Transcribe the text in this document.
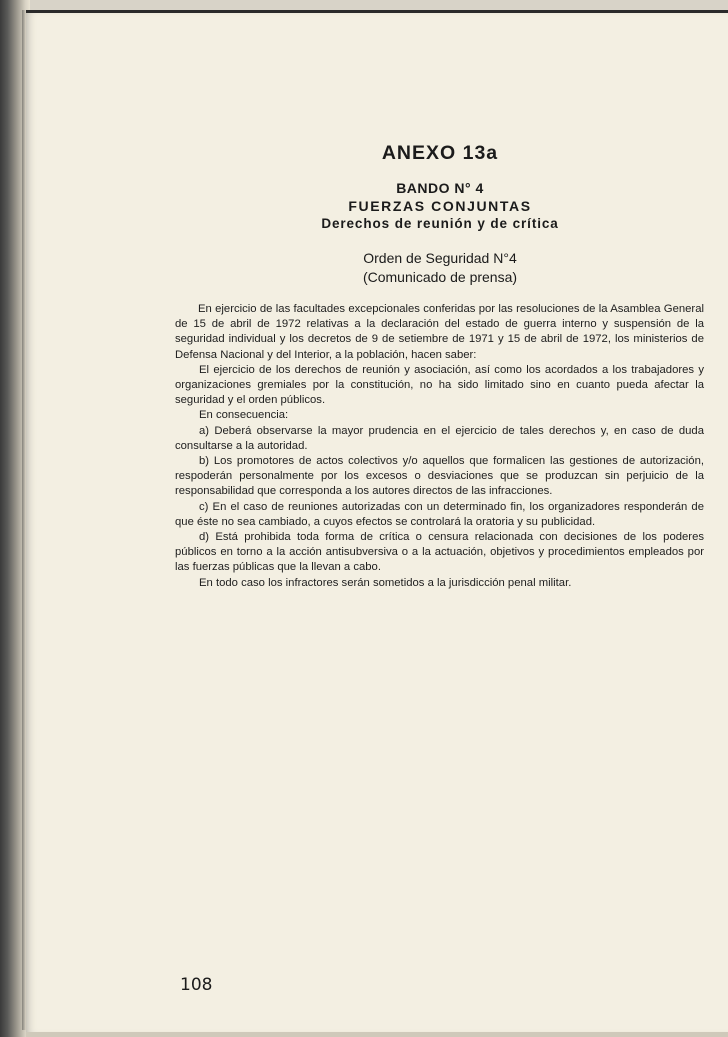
ANEXO 13a
BANDO N° 4
FUERZAS CONJUNTAS
Derechos de reunión y de crítica
Orden de Seguridad N°4
(Comunicado de prensa)

En ejercicio de las facultades excepcionales conferidas por las resoluciones de la Asamblea General de 15 de abril de 1972 relativas a la declaración del estado de guerra interno y suspensión de la seguridad individual y los decretos de 9 de setiembre de 1971 y 15 de abril de 1972, los ministerios de Defensa Nacional y del Interior, a la población, hacen saber:

El ejercicio de los derechos de reunión y asociación, así como los acordados a los trabajadores y organizaciones gremiales por la constitución, no ha sido limitado sino en cuanto pueda afectar la seguridad y el orden públicos.

En consecuencia:

a) Deberá observarse la mayor prudencia en el ejercicio de tales derechos y, en caso de duda consultarse a la autoridad.

b) Los promotores de actos colectivos y/o aquellos que formalicen las gestiones de autorización, respoderán personalmente por los excesos o desviaciones que se produzcan sin perjuicio de la responsabilidad que corresponda a los autores directos de las infracciones.

c) En el caso de reuniones autorizadas con un determinado fin, los organizadores responderán de que éste no sea cambiado, a cuyos efectos se controlará la oratoria y su publicidad.

d) Está prohibida toda forma de crítica o censura relacionada con decisiones de los poderes públicos en torno a la acción antisubversiva o a la actuación, objetivos y procedimientos empleados por las fuerzas públicas que la llevan a cabo.

En todo caso los infractores serán sometidos a la jurisdicción penal militar.

108
